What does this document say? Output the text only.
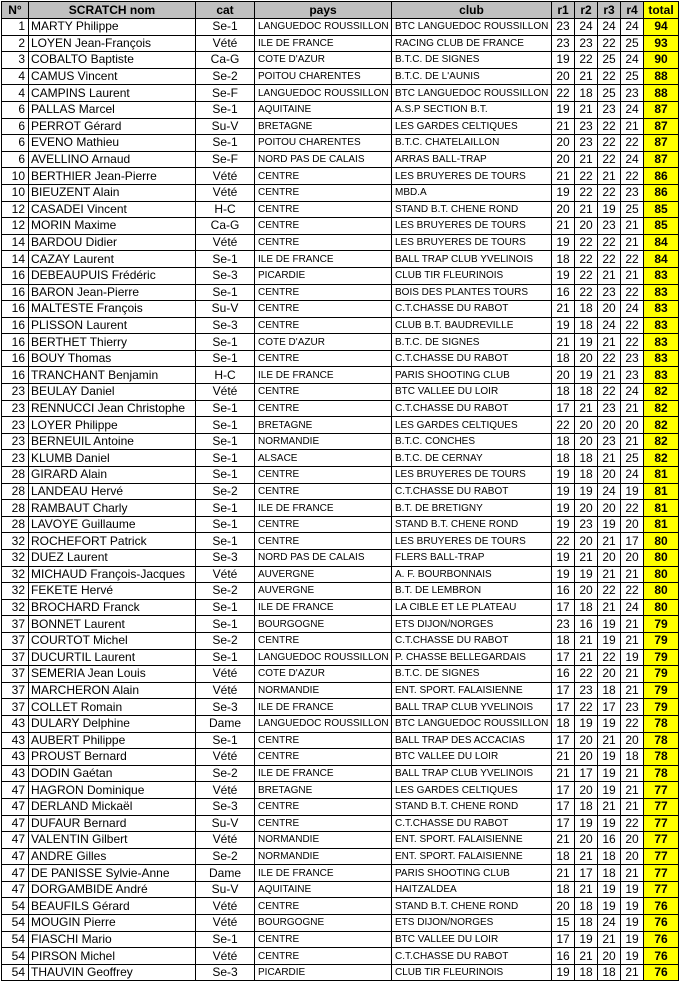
N°	SCRATCH nom	cat	pays	club	r1	r2	r3	r4	total
1	MARTY Philippe	Se-1	LANGUEDOC ROUSSILLON	BTC LANGUEDOC ROUSSILLON	23	24	24	24	94
2	LOYEN Jean-François	Vété	ILE DE FRANCE	RACING CLUB DE FRANCE	23	23	22	25	93
3	COBALTO Baptiste	Ca-G	COTE D'AZUR	B.T.C. DE SIGNES	19	22	25	24	90
4	CAMUS Vincent	Se-2	POITOU CHARENTES	B.T.C. DE L'AUNIS	20	21	22	25	88
4	CAMPINS Laurent	Se-F	LANGUEDOC ROUSSILLON	BTC LANGUEDOC ROUSSILLON	22	18	25	23	88
6	PALLAS Marcel	Se-1	AQUITAINE	A.S.P SECTION B.T.	19	21	23	24	87
6	PERROT Gérard	Su-V	BRETAGNE	LES GARDES CELTIQUES	21	23	22	21	87
6	EVENO Mathieu	Se-1	POITOU CHARENTES	B.T.C. CHATELAILLON	20	23	22	22	87
6	AVELLINO Arnaud	Se-F	NORD PAS DE CALAIS	ARRAS BALL-TRAP	20	21	22	24	87
10	BERTHIER Jean-Pierre	Vété	CENTRE	LES BRUYERES DE TOURS	21	22	21	22	86
10	BIEUZENT Alain	Vété	CENTRE	MBD.A	19	22	22	23	86
12	CASADEI Vincent	H-C	CENTRE	STAND B.T. CHENE ROND	20	21	19	25	85
12	MORIN Maxime	Ca-G	CENTRE	LES BRUYERES DE TOURS	21	20	23	21	85
14	BARDOU Didier	Vété	CENTRE	LES BRUYERES DE TOURS	19	22	22	21	84
14	CAZAY Laurent	Se-1	ILE DE FRANCE	BALL TRAP CLUB YVELINOIS	18	22	22	22	84
16	DEBEAUPUIS Frédéric	Se-3	PICARDIE	CLUB TIR FLEURINOIS	19	22	21	21	83
16	BARON Jean-Pierre	Se-1	CENTRE	BOIS DES PLANTES TOURS	16	22	23	22	83
16	MALTESTE François	Su-V	CENTRE	C.T.CHASSE DU RABOT	21	18	20	24	83
16	PLISSON Laurent	Se-3	CENTRE	CLUB B.T. BAUDREVILLE	19	18	24	22	83
16	BERTHET Thierry	Se-1	COTE D'AZUR	B.T.C. DE SIGNES	21	19	21	22	83
16	BOUY Thomas	Se-1	CENTRE	C.T.CHASSE DU RABOT	18	20	22	23	83
16	TRANCHANT Benjamin	H-C	ILE DE FRANCE	PARIS SHOOTING CLUB	20	19	21	23	83
23	BEULAY Daniel	Vété	CENTRE	BTC VALLEE DU LOIR	18	18	22	24	82
23	RENNUCCI Jean Christophe	Se-1	CENTRE	C.T.CHASSE DU RABOT	17	21	23	21	82
23	LOYER Philippe	Se-1	BRETAGNE	LES GARDES CELTIQUES	22	20	20	20	82
23	BERNEUIL Antoine	Se-1	NORMANDIE	B.T.C. CONCHES	18	20	23	21	82
23	KLUMB Daniel	Se-1	ALSACE	B.T.C. DE CERNAY	18	18	21	25	82
28	GIRARD Alain	Se-1	CENTRE	LES BRUYERES DE TOURS	19	18	20	24	81
28	LANDEAU Hervé	Se-2	CENTRE	C.T.CHASSE DU RABOT	19	19	24	19	81
28	RAMBAUT Charly	Se-1	ILE DE FRANCE	B.T. DE BRETIGNY	19	20	20	22	81
28	LAVOYE Guillaume	Se-1	CENTRE	STAND B.T. CHENE ROND	19	23	19	20	81
32	ROCHEFORT Patrick	Se-1	CENTRE	LES BRUYERES DE TOURS	22	20	21	17	80
32	DUEZ Laurent	Se-3	NORD PAS DE CALAIS	FLERS BALL-TRAP	19	21	20	20	80
32	MICHAUD François-Jacques	Vété	AUVERGNE	A. F. BOURBONNAIS	19	19	21	21	80
32	FEKETE Hervé	Se-2	AUVERGNE	B.T. DE LEMBRON	16	20	22	22	80
32	BROCHARD Franck	Se-1	ILE DE FRANCE	LA CIBLE ET LE PLATEAU	17	18	21	24	80
37	BONNET Laurent	Se-1	BOURGOGNE	ETS DIJON/NORGES	23	16	19	21	79
37	COURTOT Michel	Se-2	CENTRE	C.T.CHASSE DU RABOT	18	21	19	21	79
37	DUCURTIL Laurent	Se-1	LANGUEDOC ROUSSILLON	P. CHASSE BELLEGARDAIS	17	21	22	19	79
37	SEMERIA Jean Louis	Vété	COTE D'AZUR	B.T.C. DE SIGNES	16	22	20	21	79
37	MARCHERON Alain	Vété	NORMANDIE	ENT. SPORT. FALAISIENNE	17	23	18	21	79
37	COLLET Romain	Se-3	ILE DE FRANCE	BALL TRAP CLUB YVELINOIS	17	22	17	23	79
43	DULARY Delphine	Dame	LANGUEDOC ROUSSILLON	BTC LANGUEDOC ROUSSILLON	18	19	19	22	78
43	AUBERT Philippe	Se-1	CENTRE	BALL TRAP DES ACCACIAS	17	20	21	20	78
43	PROUST Bernard	Vété	CENTRE	BTC VALLEE DU LOIR	21	20	19	18	78
43	DODIN Gaétan	Se-2	ILE DE FRANCE	BALL TRAP CLUB YVELINOIS	21	17	19	21	78
47	HAGRON Dominique	Vété	BRETAGNE	LES GARDES CELTIQUES	17	20	19	21	77
47	DERLAND Mickaël	Se-3	CENTRE	STAND B.T. CHENE ROND	17	18	21	21	77
47	DUFAUR Bernard	Su-V	CENTRE	C.T.CHASSE DU RABOT	17	19	19	22	77
47	VALENTIN Gilbert	Vété	NORMANDIE	ENT. SPORT. FALAISIENNE	21	20	16	20	77
47	ANDRE Gilles	Se-2	NORMANDIE	ENT. SPORT. FALAISIENNE	18	21	18	20	77
47	DE PANISSE Sylvie-Anne	Dame	ILE DE FRANCE	PARIS SHOOTING CLUB	21	17	18	21	77
47	DORGAMBIDE André	Su-V	AQUITAINE	HAITZALDEA	18	21	19	19	77
54	BEAUFILS Gérard	Vété	CENTRE	STAND B.T. CHENE ROND	20	18	19	19	76
54	MOUGIN Pierre	Vété	BOURGOGNE	ETS DIJON/NORGES	15	18	24	19	76
54	FIASCHI Mario	Se-1	CENTRE	BTC VALLEE DU LOIR	17	19	21	19	76
54	PIRSON Michel	Vété	CENTRE	C.T.CHASSE DU RABOT	16	21	20	19	76
54	THAUVIN Geoffrey	Se-3	PICARDIE	CLUB TIR FLEURINOIS	19	18	18	21	76
